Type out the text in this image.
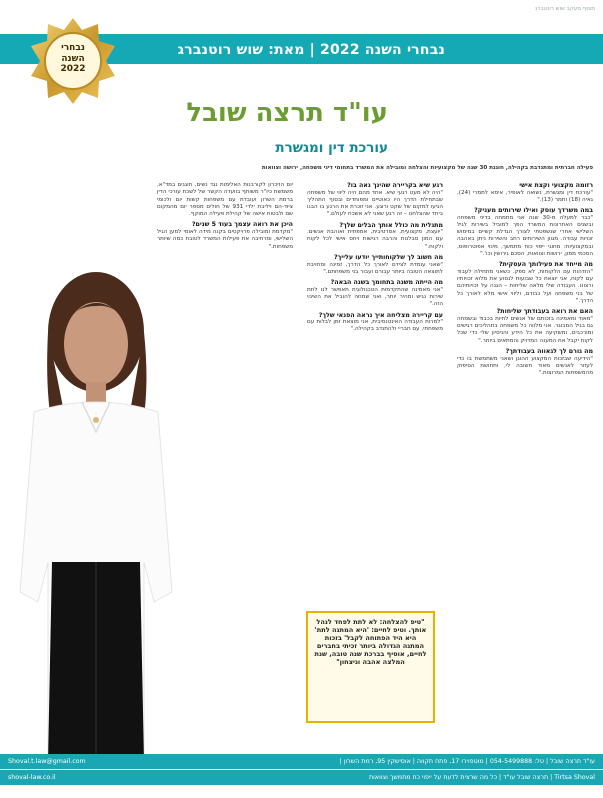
מוסף מעקב שוש רוטנברג
נבחרי השנה 2022 | מאת: שוש רוטנברג
נבחרי
השנה
2022
עו"ד תרצה שובל
עורכת דין ומגשרת
פעילה חברתית ומתנדבת בקהילה, חוגגת 30 שנה של מקצועיות והצלחה ומובילה את המשרד בתחומי דיני משפחה, ירושה וצוואות
רזומה מקצועי וקצת אישי
"עורכת דין ומגשרת, נשואה לאופיר, אימא לתמרי (24), גאיה (18) ותמר (13)."
במה משרדך עוסק ואילו שירותים מעניק?
"כבר למעלה מ-30 שנה אני מתמחה בדיני משפחה ובשנים האחרונות המשרד הפך למוביל בשירות לגיל השלישי אחרי שנשפטתי לצורך הגדלת קשיים במימוש זכויות עבודה. מגוון השירותים רחב והשירות ניתן באהבה ובמקצועיות: מחוגי ייפוי כוח מתמשך, מינוי אפוטרופוס, הסכמי ממון, ירושות וצוואות, הסכם גירושין וכו'."
מה מייחד את פעילותך העסקית?
"הזדהות עם הלקוחות, לא ספק. כשאני מתחילה לעבוד עם לקוח, אני יוצאת כל שבועות לנסוע את מלוא זכויותיו ורצונו. העבודה שלי מלאה שליחות – הגנה על זכויותיהם של בני משפחה ועל כבודם, וליווי אישי מלא לאורך כל הדרך."
האם את רואה בעבודתך שליחות?
"מאוד ומאמינה בזכותם של אנשים לחיות בכבוד ובשמחה גם בגיל המבוגר. אני מלווה כל משפחה בתהליכים רגישים ומורכבים, ומשקיעה את כל הידע והניסיון שלי כדי שכל לקוח יקבל את המענה המדויק והמתאים ביותר."
מה גורם לך לגאווה בעבודתך?
"הידיעה שבזכות המקצוע ההוגן ושאני משתמשת בו כדי לעזור לאנשים מאוד חשובה לי, ותחושת הסיפוק מהמשפחות המרוצות."
רגע שיא בקריירה שהינך גאה בו?
"היה לא מעט רגעי שיא. אחד מהם היה ליווי של משפחה שבתחילת הדרך היו כאוטיים ומפוחדים ובסוף התהליך הגיעו למקום של שקט ורוגע. אני זוכרת את הרגע בו הבנו ביחד שהצלחנו – זה רגע שאני לא אשכח לעולם."
מתגלית מה כולל אותך הבלים שלך?
"יועצת, מקצועית, אסרטיבית, אמפתית ואוהבת אנשים. עם המון סבלנות והרבה רגישות ויחס אישי לכל לקוח ולקוח."
מה חשוב לך שלקוחותייך יודעו עלייך?
"שאני עומדת לצידם לאורך כל הדרך, זמינה ומחויבת לתוצאה הטובה ביותר עבורם ועבור בני משפחתם."
מה הייתה משנה בתחומך בשנה הבאה?
"אני מאמינה שהתקדמות הטכנולוגית תאפשר לנו לתת שירות נגיש ומהיר יותר, ואני שמחה להוביל את השינוי הזה."
עם קריירה מצליחה איך נראה הפנאי שלך?
"למרות העבודה האינטנסיבית, אני מוצאת זמן לבלות עם משפחתי, עם חבריי ולהתנדב בקהילה."
יום הזיכרון לקורבנות האלימות נגד נשים, חוגגים במד"א, משמשת כיו"ר משותף בוועדה הקשר של לשכת עורכי הדין ברמת השרון ועובדת עם משפחות קשות יום ולכומי ציוד-הם ויליבת ילדי 931 של חולים מספר יום מהמקום שם ולבטוח אישה של קהילת פעילה המוקף.
היכן את רואה עצמך בעוד 5 שנים?
"מקדמת ומובילה פרויקטים בקנה מידה לאומי למען הגיל השלישי, ומרחיבה את פעילות המשרד לטובת כמה שיותר משפחות."
"טיפ להצלחה: לא לתת לפחד לנהל אותך. וטיפ לחיים: 'היא המתנה לתת' היא היד הפתוחה לקבל' בזכות המתנה הגדולה ביותר זכיתי בחברים לחיים, אוסיף בברכת שנה טובה, שנת המלצה אהבה וניצחון"
עו"ד תרצה שובל | טל: 054-5499888 | מוטפוירו 17, פתח תקווה | אוסישקין 95, רמת השרון |
Shoval.t.law@gmail.com
Tirtsa Shoval | תרצה שובל עו"ד | כל מה שרצית לדעת על ייפוי כח מתמשך וצוואות
shoval-law.co.il
